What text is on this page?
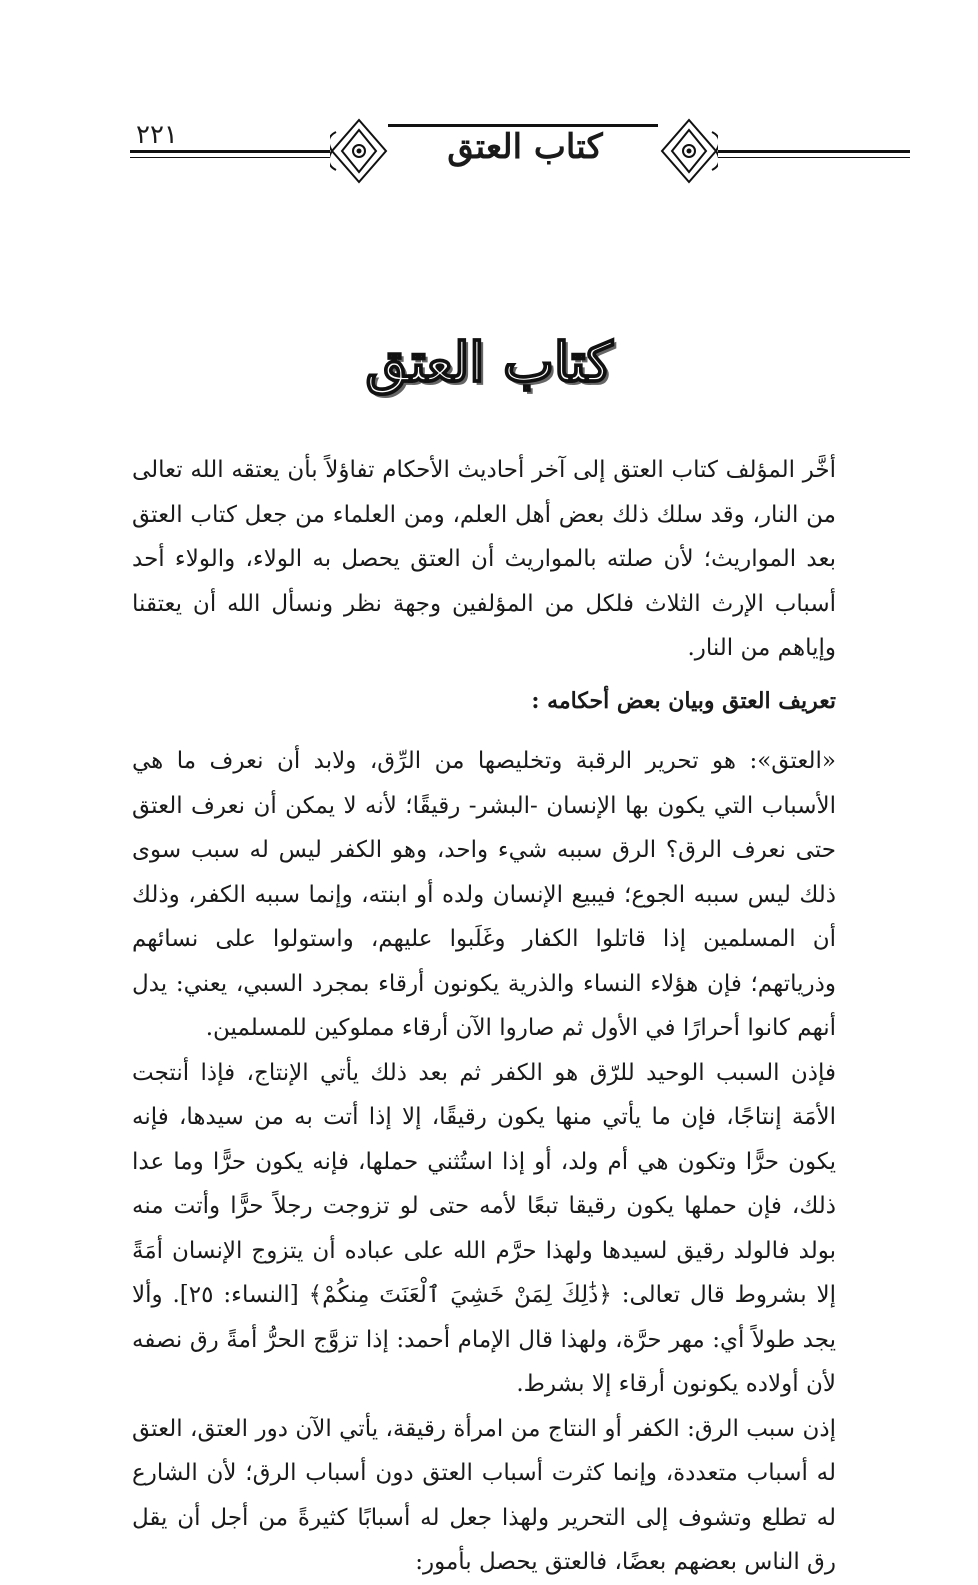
٢٢١	كتاب العتق
كتاب العتق

أخَّر المؤلف كتاب العتق إلى آخر أحاديث الأحكام تفاؤلاً بأن يعتقه الله تعالى من النار، وقد سلك ذلك بعض أهل العلم، ومن العلماء من جعل كتاب العتق بعد المواريث؛ لأن صلته بالمواريث أن العتق يحصل به الولاء، والولاء أحد أسباب الإرث الثلاث فلكل من المؤلفين وجهة نظر ونسأل الله أن يعتقنا وإياهم من النار.

تعريف العتق وبيان بعض أحكامه :

«العتق»: هو تحرير الرقبة وتخليصها من الرِّق، ولابد أن نعرف ما هي الأسباب التي يكون بها الإنسان -البشر- رقيقًا؛ لأنه لا يمكن أن نعرف العتق حتى نعرف الرق؟ الرق سببه شيء واحد، وهو الكفر ليس له سبب سوى ذلك ليس سببه الجوع؛ فيبيع الإنسان ولده أو ابنته، وإنما سببه الكفر، وذلك أن المسلمين إذا قاتلوا الكفار وغَلَبوا عليهم، واستولوا على نسائهم وذرياتهم؛ فإن هؤلاء النساء والذرية يكونون أرقاء بمجرد السبي، يعني: يدل أنهم كانوا أحرارًا في الأول ثم صاروا الآن أرقاء مملوكين للمسلمين.

فإذن السبب الوحيد للرّق هو الكفر ثم بعد ذلك يأتي الإنتاج، فإذا أنتجت الأمَة إنتاجًا، فإن ما يأتي منها يكون رقيقًا، إلا إذا أتت به من سيدها، فإنه يكون حرًّا وتكون هي أم ولد، أو إذا استُثني حملها، فإنه يكون حرًّا وما عدا ذلك، فإن حملها يكون رقيقا تبعًا لأمه حتى لو تزوجت رجلاً حرًّا وأتت منه بولد فالولد رقيق لسيدها ولهذا حرَّم الله على عباده أن يتزوج الإنسان أمَةً إلا بشروط قال تعالى: ﴿ذَٰلِكَ لِمَنْ خَشِيَ ٱلْعَنَتَ مِنكُمْ﴾ [النساء: ٢٥]. وألا يجد طولاً أي: مهر حرَّة، ولهذا قال الإمام أحمد: إذا تزوَّج الحرُّ أمةً رق نصفه لأن أولاده يكونون أرقاء إلا بشرط.

إذن سبب الرق: الكفر أو النتاج من امرأة رقيقة، يأتي الآن دور العتق، العتق له أسباب متعددة، وإنما كثرت أسباب العتق دون أسباب الرق؛ لأن الشارع له تطلع وتشوف إلى التحرير ولهذا جعل له أسبابًا كثيرةً من أجل أن يقل رق الناس بعضهم بعضًا، فالعتق يحصل بأمور:
